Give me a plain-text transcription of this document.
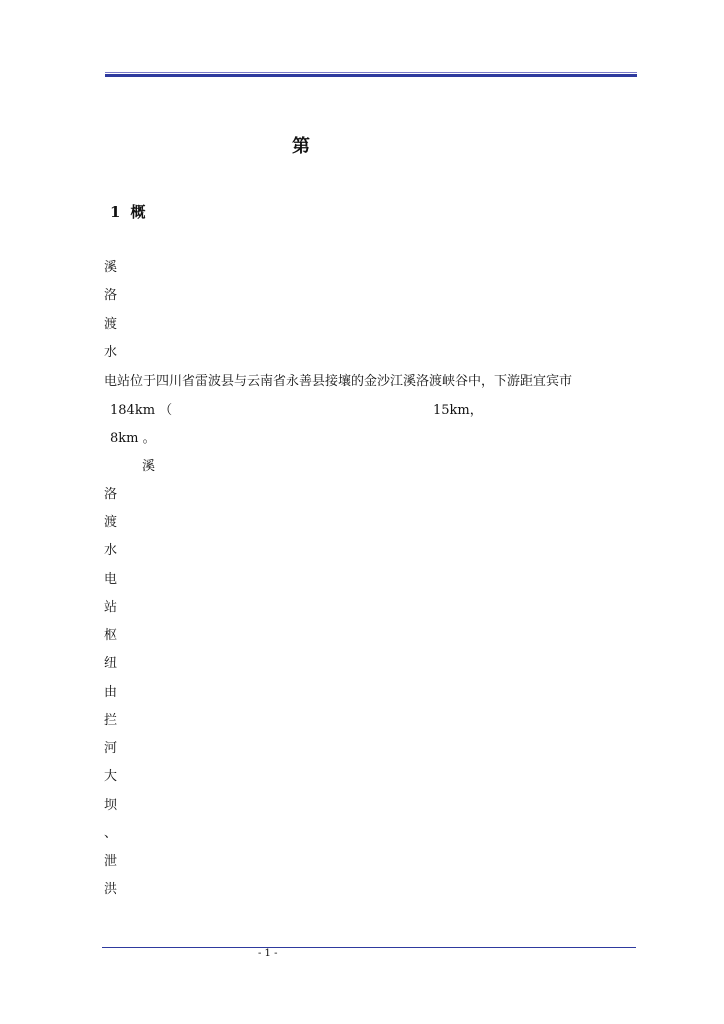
第
1 概
溪
洛
渡
水
电站位于四川省雷波县与云南省永善县接壤的金沙江溪洛渡峡谷中，下游距宜宾市
184km （	15km，
8km 。
溪
洛
渡
水
电
站
枢
纽
由
拦
河
大
坝
、
泄
洪
- 1 -
